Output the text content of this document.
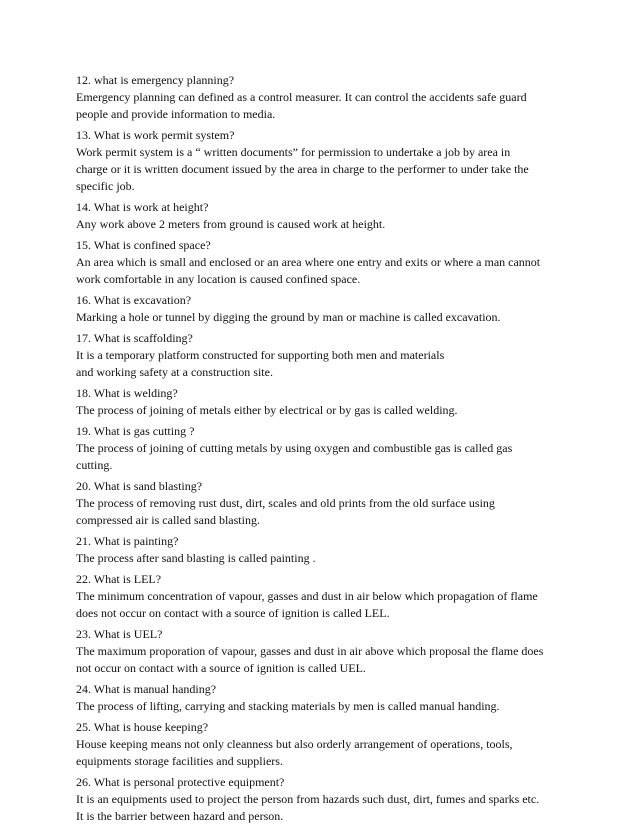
12. what is emergency planning?

Emergency planning can defined as a control measurer. It can control the accidents safe guard
people and provide information to media.

13. What is work permit system?

Work permit system is a “ written documents” for permission to undertake a job by area in
charge or it is written document issued by the area in charge to the performer to under take the
specific job.

14. What is work at height?

Any work above 2 meters from ground is caused work at height.

15. What is confined space?

An area which is small and enclosed or an area where one entry and exits or where a man cannot
work comfortable in any location is caused confined space.

16. What is excavation?

Marking a hole or tunnel by digging the ground by man or machine is called excavation.

17. What is scaffolding?

It is a temporary platform constructed for supporting both men and materials
and working safety at a construction site.

18. What is welding?

The process of joining of metals either by electrical or by gas is called welding.

19. What is gas cutting ?

The process of joining of cutting metals by using oxygen and combustible gas is called gas
cutting.

20. What is sand blasting?

The process of removing rust dust, dirt, scales and old prints from the old surface using
compressed air is called sand blasting.

21. What is painting?

The process after sand blasting is called painting .

22. What is LEL?

The minimum concentration of vapour, gasses and dust in air below which propagation of flame
does not occur on contact with a source of ignition is called LEL.

23. What is UEL?

The maximum proporation of vapour, gasses and dust in air above which proposal the flame does
not occur on contact with a source of ignition is called UEL.

24. What is manual handing?

The process of lifting, carrying and stacking materials by men is called manual handing.

25. What is house keeping?

House keeping means not only cleanness but also orderly arrangement of operations, tools,
equipments storage facilities and suppliers.

26. What is personal protective equipment?

It is an equipments used to project the person from hazards such dust, dirt, fumes and sparks etc.
It is the barrier between hazard and person.
